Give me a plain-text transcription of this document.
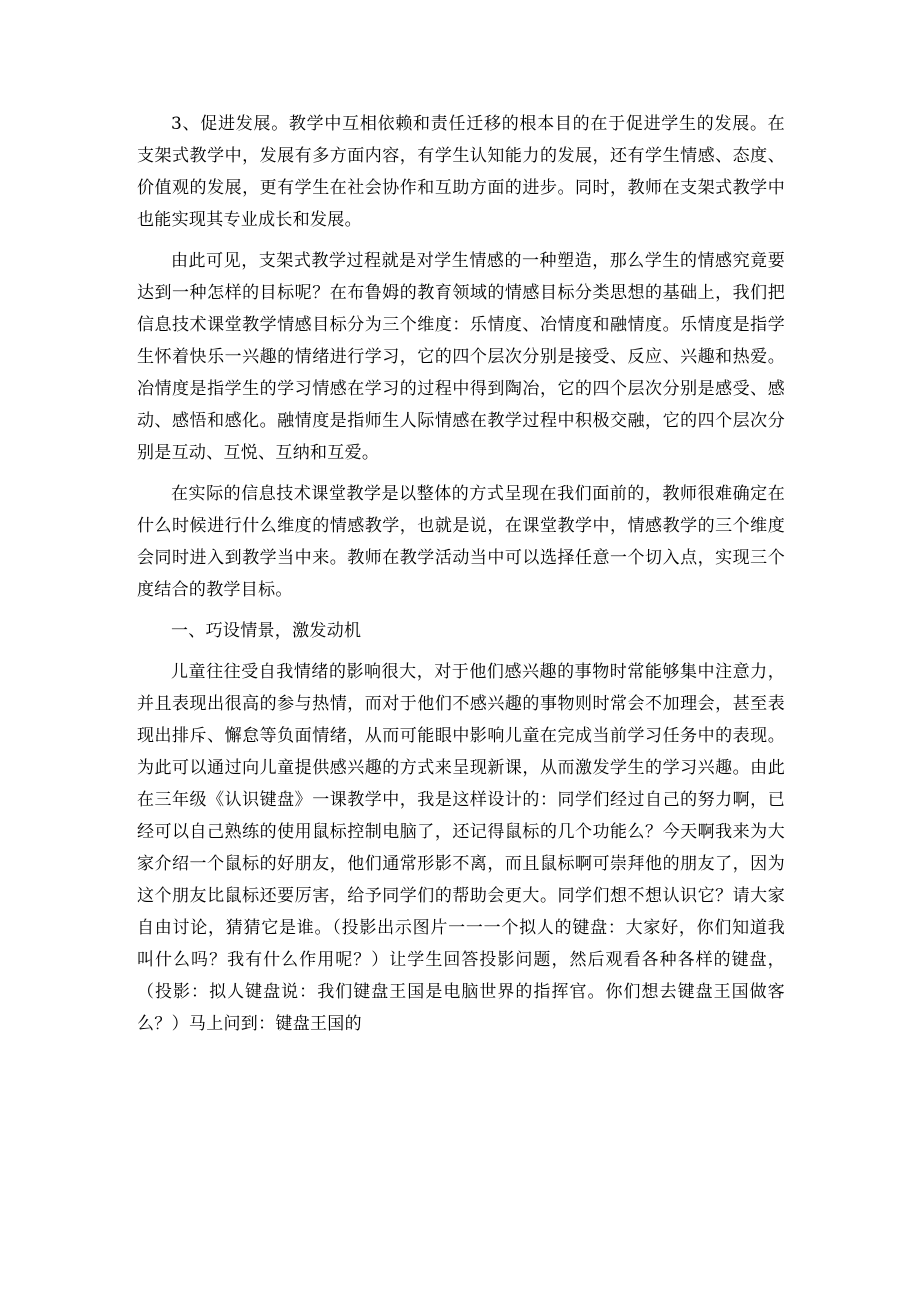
3、促进发展。教学中互相依赖和责任迁移的根本目的在于促进学生的发展。在支架式教学中，发展有多方面内容，有学生认知能力的发展，还有学生情感、态度、价值观的发展，更有学生在社会协作和互助方面的进步。同时，教师在支架式教学中也能实现其专业成长和发展。

由此可见，支架式教学过程就是对学生情感的一种塑造，那么学生的情感究竟要达到一种怎样的目标呢？在布鲁姆的教育领域的情感目标分类思想的基础上，我们把信息技术课堂教学情感目标分为三个维度：乐情度、冶情度和融情度。乐情度是指学生怀着快乐一兴趣的情绪进行学习，它的四个层次分别是接受、反应、兴趣和热爱。冶情度是指学生的学习情感在学习的过程中得到陶冶，它的四个层次分别是感受、感动、感悟和感化。融情度是指师生人际情感在教学过程中积极交融，它的四个层次分别是互动、互悦、互纳和互爱。

在实际的信息技术课堂教学是以整体的方式呈现在我们面前的，教师很难确定在什么时候进行什么维度的情感教学，也就是说，在课堂教学中，情感教学的三个维度会同时进入到教学当中来。教师在教学活动当中可以选择任意一个切入点，实现三个度结合的教学目标。

一、巧设情景，激发动机

儿童往往受自我情绪的影响很大，对于他们感兴趣的事物时常能够集中注意力，并且表现出很高的参与热情，而对于他们不感兴趣的事物则时常会不加理会，甚至表现出排斥、懈怠等负面情绪，从而可能眼中影响儿童在完成当前学习任务中的表现。为此可以通过向儿童提供感兴趣的方式来呈现新课，从而激发学生的学习兴趣。由此在三年级《认识键盘》一课教学中，我是这样设计的：同学们经过自己的努力啊，已经可以自己熟练的使用鼠标控制电脑了，还记得鼠标的几个功能么？今天啊我来为大家介绍一个鼠标的好朋友，他们通常形影不离，而且鼠标啊可崇拜他的朋友了，因为这个朋友比鼠标还要厉害，给予同学们的帮助会更大。同学们想不想认识它？请大家自由讨论，猜猜它是谁。（投影出示图片一一一个拟人的键盘：大家好，你们知道我叫什么吗？我有什么作用呢？）让学生回答投影问题，然后观看各种各样的键盘，（投影：拟人键盘说：我们键盘王国是电脑世界的指挥官。你们想去键盘王国做客么？）马上问到：键盘王国的
